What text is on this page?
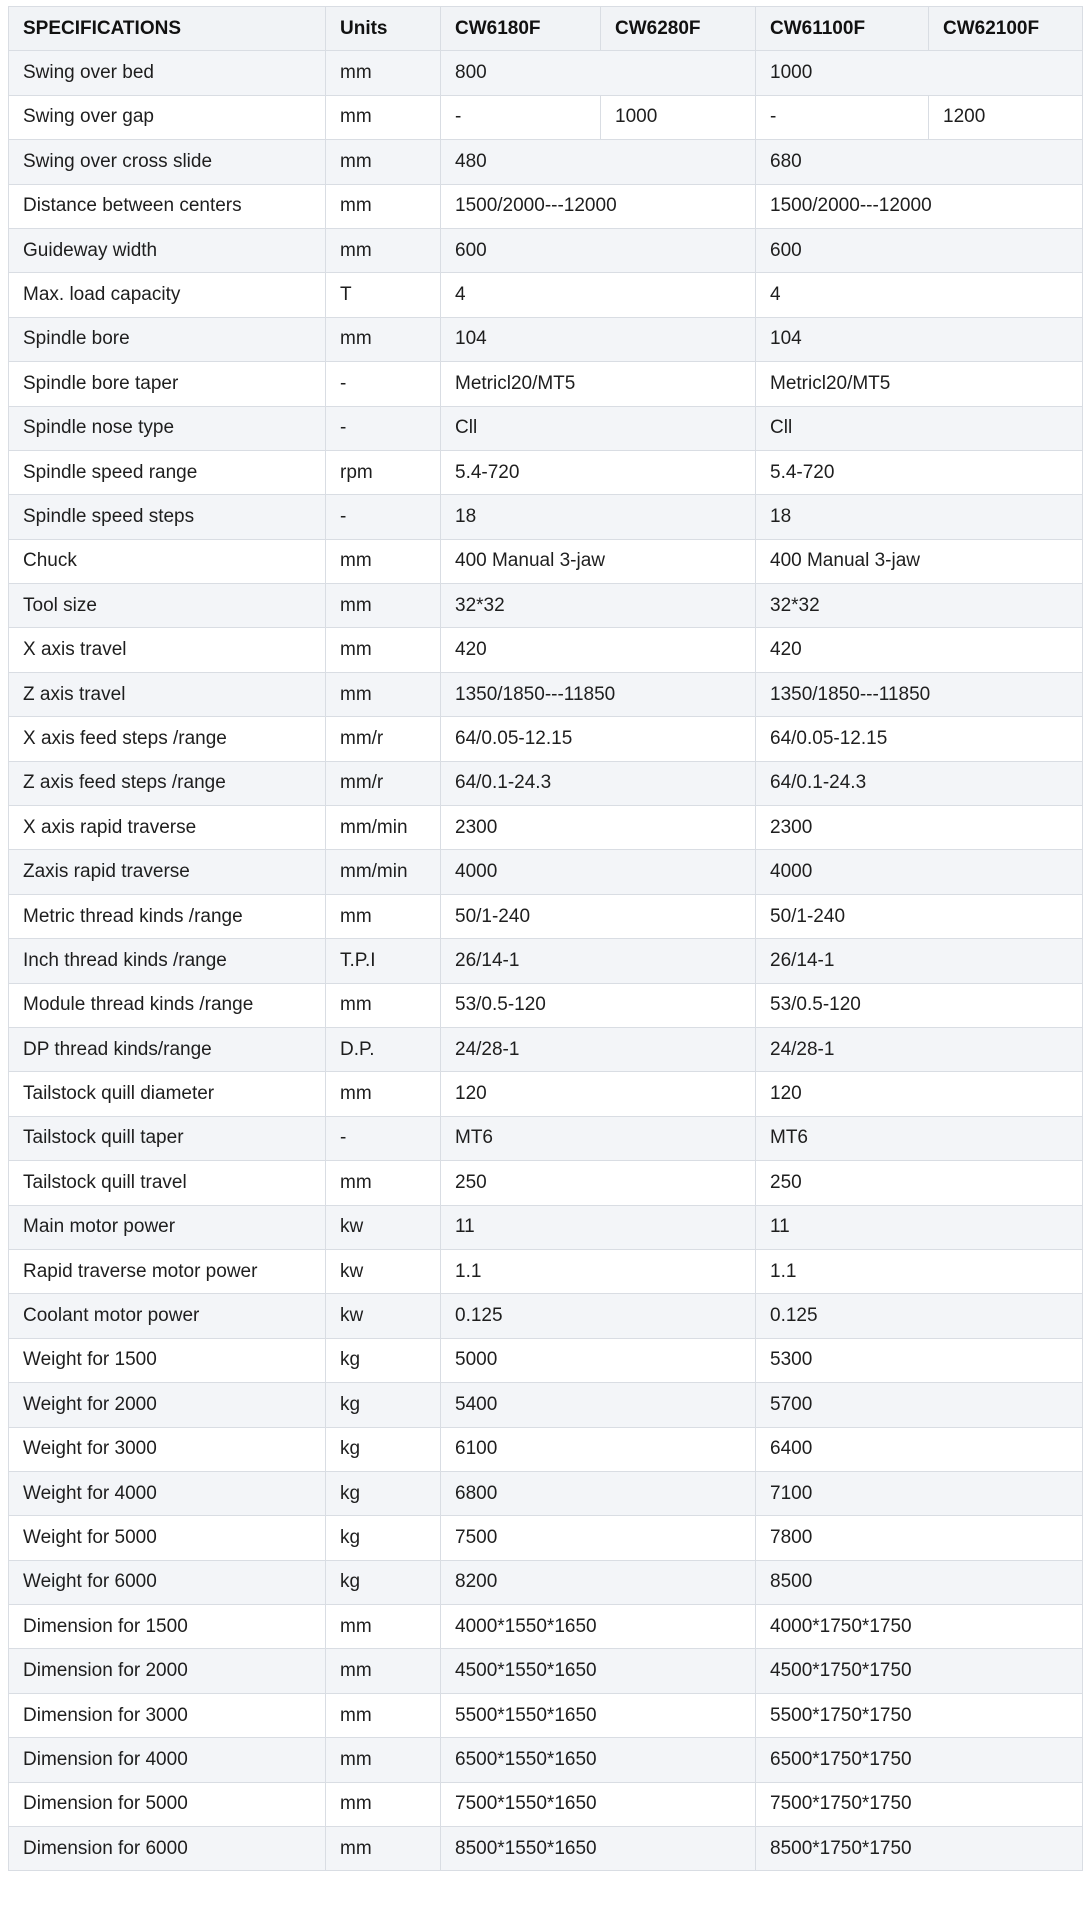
SPECIFICATIONS	Units	CW6180F	CW6280F	CW61100F	CW62100F
Swing over bed	mm	800		1000	
Swing over gap	mm	-	1000	-	1200
Swing over cross slide	mm	480		680	
Distance between centers	mm	1500/2000---12000		1500/2000---12000	
Guideway width	mm	600		600	
Max. load capacity	T	4		4	
Spindle bore	mm	104		104	
Spindle bore taper	-	Metricl20/MT5		Metricl20/MT5	
Spindle nose type	-	Cll		Cll	
Spindle speed range	rpm	5.4-720		5.4-720	
Spindle speed steps	-	18		18	
Chuck	mm	400 Manual 3-jaw		400 Manual 3-jaw	
Tool size	mm	32*32		32*32	
X axis travel	mm	420		420	
Z axis travel	mm	1350/1850---11850		1350/1850---11850	
X axis feed steps /range	mm/r	64/0.05-12.15		64/0.05-12.15	
Z axis feed steps /range	mm/r	64/0.1-24.3		64/0.1-24.3	
X axis rapid traverse	mm/min	2300		2300	
Zaxis rapid traverse	mm/min	4000		4000	
Metric thread kinds /range	mm	50/1-240		50/1-240	
Inch thread kinds /range	T.P.I	26/14-1		26/14-1	
Module thread kinds /range	mm	53/0.5-120		53/0.5-120	
DP thread kinds/range	D.P.	24/28-1		24/28-1	
Tailstock quill diameter	mm	120		120	
Tailstock quill taper	-	MT6		MT6	
Tailstock quill travel	mm	250		250	
Main motor power	kw	11		11	
Rapid traverse motor power	kw	1.1		1.1	
Coolant motor power	kw	0.125		0.125	
Weight for 1500	kg	5000		5300	
Weight for 2000	kg	5400		5700	
Weight for 3000	kg	6100		6400	
Weight for 4000	kg	6800		7100	
Weight for 5000	kg	7500		7800	
Weight for 6000	kg	8200		8500	
Dimension for 1500	mm	4000*1550*1650		4000*1750*1750	
Dimension for 2000	mm	4500*1550*1650		4500*1750*1750	
Dimension for 3000	mm	5500*1550*1650		5500*1750*1750	
Dimension for 4000	mm	6500*1550*1650		6500*1750*1750	
Dimension for 5000	mm	7500*1550*1650		7500*1750*1750	
Dimension for 6000	mm	8500*1550*1650		8500*1750*1750	
